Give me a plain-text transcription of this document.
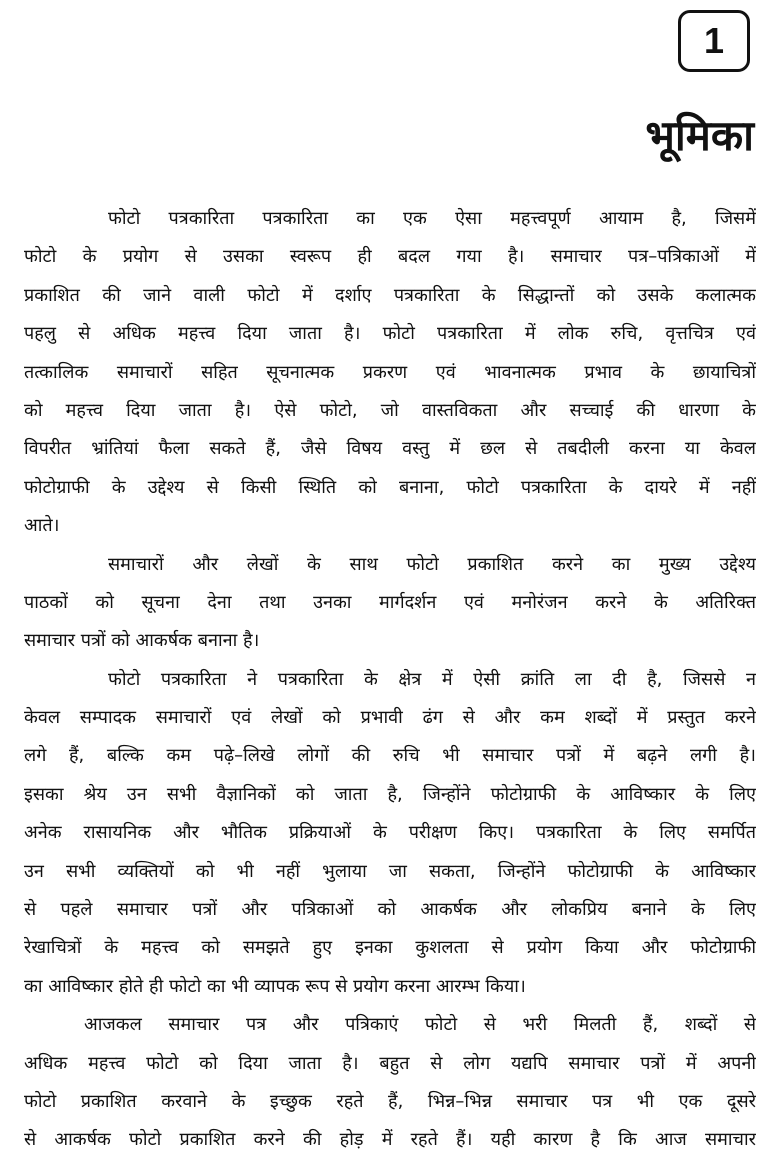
1
भूमिका
फोटो पत्रकारिता पत्रकारिता का एक ऐसा महत्त्वपूर्ण आयाम है, जिसमें
फोटो के प्रयोग से उसका स्वरूप ही बदल गया है। समाचार पत्र–पत्रिकाओं में
प्रकाशित की जाने वाली फोटो में दर्शाए पत्रकारिता के सिद्धान्तों को उसके कलात्मक
पहलु से अधिक महत्त्व दिया जाता है। फोटो पत्रकारिता में लोक रुचि, वृत्तचित्र एवं
तत्कालिक समाचारों सहित सूचनात्मक प्रकरण एवं भावनात्मक प्रभाव के छायाचित्रों
को महत्त्व दिया जाता है। ऐसे फोटो, जो वास्तविकता और सच्चाई की धारणा के
विपरीत भ्रांतियां फैला सकते हैं, जैसे विषय वस्तु में छल से तबदीली करना या केवल
फोटोग्राफी के उद्देश्य से किसी स्थिति को बनाना, फोटो पत्रकारिता के दायरे में नहीं
आते।
समाचारों और लेखों के साथ फोटो प्रकाशित करने का मुख्य उद्देश्य
पाठकों को सूचना देना तथा उनका मार्गदर्शन एवं मनोरंजन करने के अतिरिक्त
समाचार पत्रों को आकर्षक बनाना है।
फोटो पत्रकारिता ने पत्रकारिता के क्षेत्र में ऐसी क्रांति ला दी है, जिससे न
केवल सम्पादक समाचारों एवं लेखों को प्रभावी ढंग से और कम शब्दों में प्रस्तुत करने
लगे हैं, बल्कि कम पढ़े–लिखे लोगों की रुचि भी समाचार पत्रों में बढ़ने लगी है।
इसका श्रेय उन सभी वैज्ञानिकों को जाता है, जिन्होंने फोटोग्राफी के आविष्कार के लिए
अनेक रासायनिक और भौतिक प्रक्रियाओं के परीक्षण किए। पत्रकारिता के लिए समर्पित
उन सभी व्यक्तियों को भी नहीं भुलाया जा सकता, जिन्होंने फोटोग्राफी के आविष्कार
से पहले समाचार पत्रों और पत्रिकाओं को आकर्षक और लोकप्रिय बनाने के लिए
रेखाचित्रों के महत्त्व को समझते हुए इनका कुशलता से प्रयोग किया और फोटोग्राफी
का आविष्कार होते ही फोटो का भी व्यापक रूप से प्रयोग करना आरम्भ किया।
आजकल समाचार पत्र और पत्रिकाएं फोटो से भरी मिलती हैं, शब्दों से
अधिक महत्त्व फोटो को दिया जाता है। बहुत से लोग यद्यपि समाचार पत्रों में अपनी
फोटो प्रकाशित करवाने के इच्छुक रहते हैं, भिन्न–भिन्न समाचार पत्र भी एक दूसरे
से आकर्षक फोटो प्रकाशित करने की होड़ में रहते हैं। यही कारण है कि आज समाचार
